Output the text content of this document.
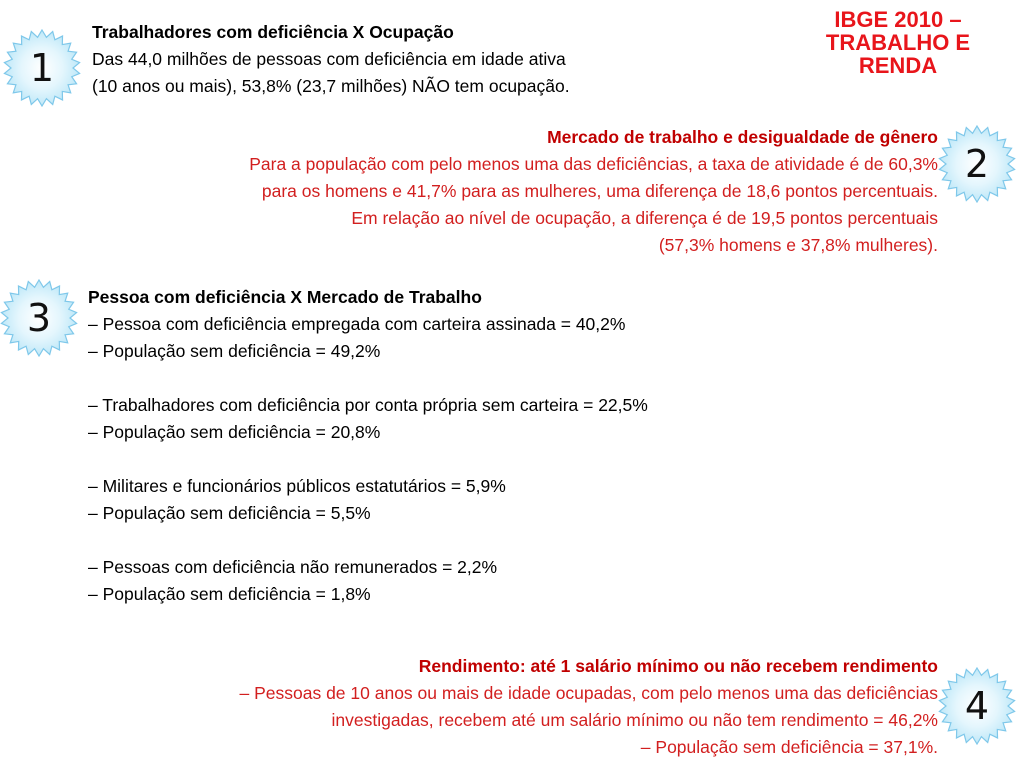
IBGE 2010 –
TRABALHO E
RENDA
1
2
3
4
Trabalhadores com deficiência X Ocupação
Das 44,0 milhões de pessoas com deficiência em idade ativa
(10 anos ou mais), 53,8% (23,7 milhões) NÃO tem ocupação.
Mercado de trabalho e desigualdade de gênero
Para a população com pelo menos uma das deficiências, a taxa de atividade é de 60,3%
para os homens e 41,7% para as mulheres, uma diferença de 18,6 pontos percentuais.
Em relação ao nível de ocupação, a diferença é de 19,5 pontos percentuais
(57,3% homens e 37,8% mulheres).
Pessoa com deficiência X Mercado de Trabalho
– Pessoa com deficiência empregada com carteira assinada = 40,2%
– População sem deficiência = 49,2%

– Trabalhadores com deficiência por conta própria sem carteira = 22,5%
– População sem deficiência = 20,8%

– Militares e funcionários públicos estatutários = 5,9%
– População sem deficiência = 5,5%

– Pessoas com deficiência não remunerados = 2,2%
– População sem deficiência = 1,8%
Rendimento: até 1 salário mínimo ou não recebem rendimento
– Pessoas de 10 anos ou mais de idade ocupadas, com pelo menos uma das deficiências
investigadas, recebem até um salário mínimo ou não tem rendimento = 46,2%
– População sem deficiência = 37,1%.
